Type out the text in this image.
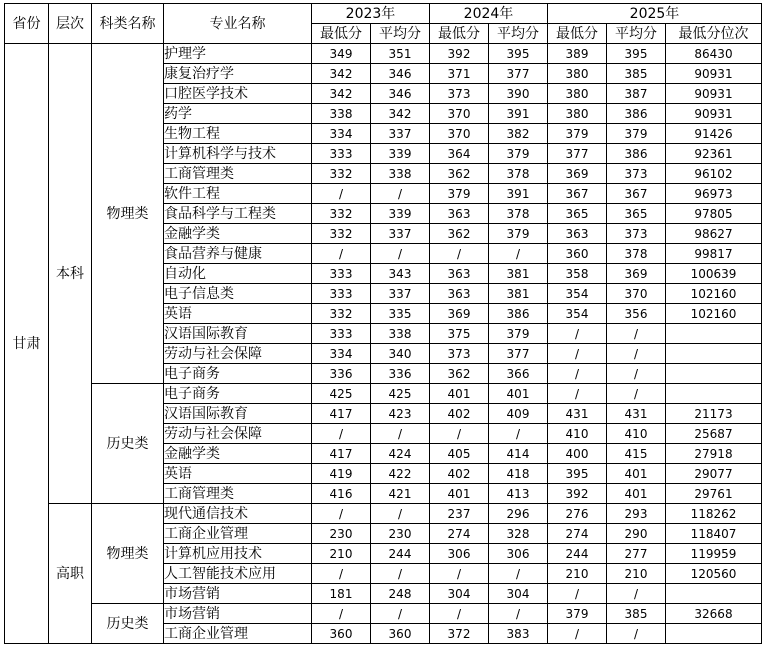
省份	层次	科类名称	专业名称	2023年		2024年		2025年		
				最低分	平均分	最低分	平均分	最低分	平均分	最低分位次
甘肃	本科	物理类	护理学	349	351	392	395	389	395	86430
			康复治疗学	342	346	371	377	380	385	90931
			口腔医学技术	342	346	373	390	380	387	90931
			药学	338	342	370	391	380	386	90931
			生物工程	334	337	370	382	379	379	91426
			计算机科学与技术	333	339	364	379	377	386	92361
			工商管理类	332	338	362	378	369	373	96102
			软件工程	/	/	379	391	367	367	96973
			食品科学与工程类	332	339	363	378	365	365	97805
			金融学类	332	337	362	379	363	373	98627
			食品营养与健康	/	/	/	/	360	378	99817
			自动化	333	343	363	381	358	369	100639
			电子信息类	333	337	363	381	354	370	102160
			英语	332	335	369	386	354	356	102160
			汉语国际教育	333	338	375	379	/	/	
			劳动与社会保障	334	340	373	377	/	/	
			电子商务	336	336	362	366	/	/	
		历史类	电子商务	425	425	401	401	/	/	
			汉语国际教育	417	423	402	409	431	431	21173
			劳动与社会保障	/	/	/	/	410	410	25687
			金融学类	417	424	405	414	400	415	27918
			英语	419	422	402	418	395	401	29077
			工商管理类	416	421	401	413	392	401	29761
	高职	物理类	现代通信技术	/	/	237	296	276	293	118262
			工商企业管理	230	230	274	328	274	290	118407
			计算机应用技术	210	244	306	306	244	277	119959
			人工智能技术应用	/	/	/	/	210	210	120560
			市场营销	181	248	304	304	/	/	
		历史类	市场营销	/	/	/	/	379	385	32668
			工商企业管理	360	360	372	383	/	/	
